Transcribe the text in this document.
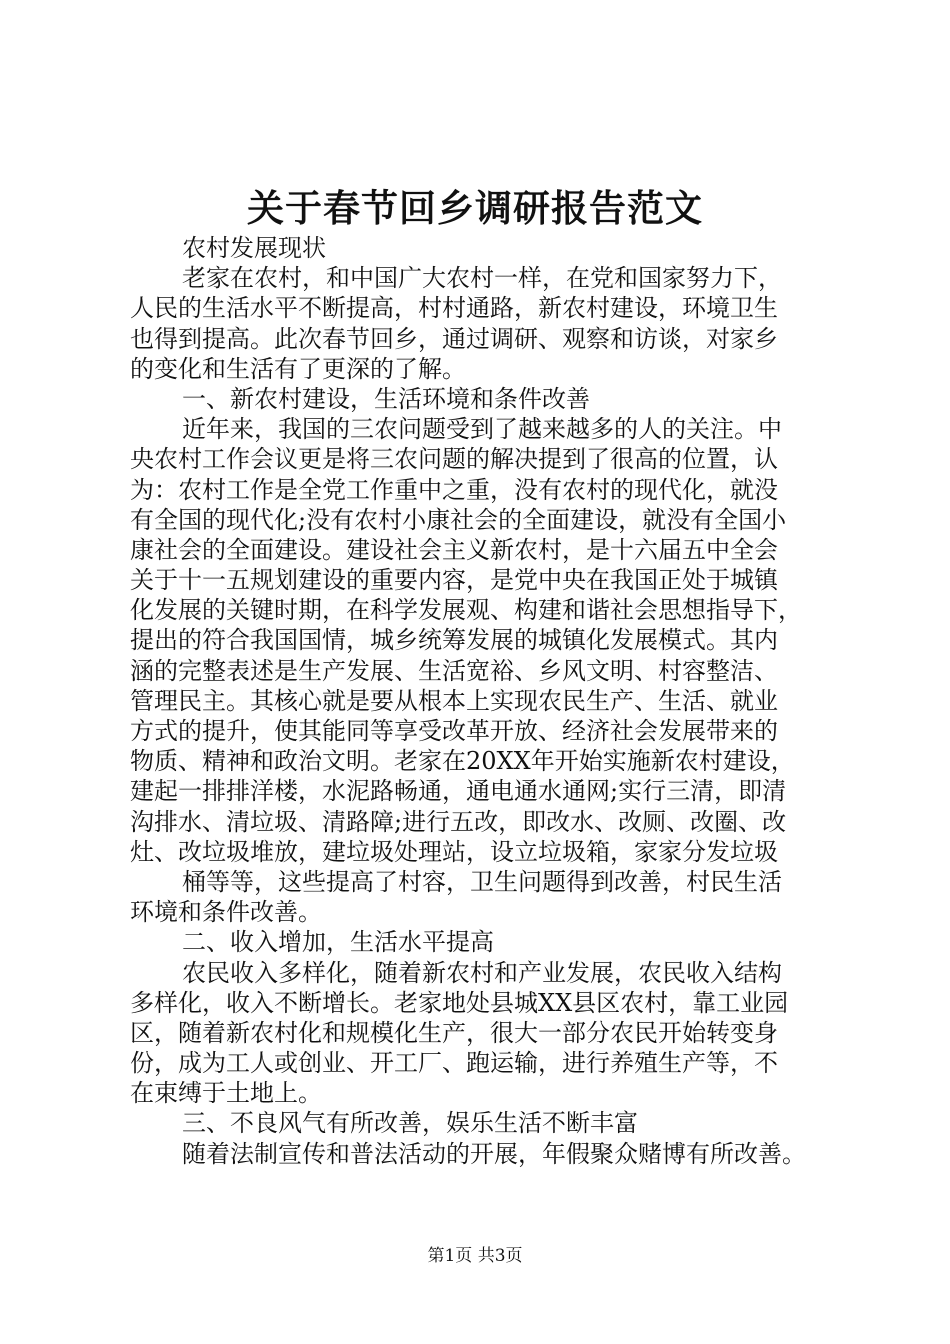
关于春节回乡调研报告范文
农村发展现状
老家在农村，和中国广大农村一样，在党和国家努力下，
人民的生活水平不断提高，村村通路，新农村建设，环境卫生
也得到提高。此次春节回乡，通过调研、观察和访谈，对家乡
的变化和生活有了更深的了解。
一、新农村建设，生活环境和条件改善
近年来，我国的三农问题受到了越来越多的人的关注。中
央农村工作会议更是将三农问题的解决提到了很高的位置，认
为：农村工作是全党工作重中之重，没有农村的现代化，就没
有全国的现代化;没有农村小康社会的全面建设，就没有全国小
康社会的全面建设。建设社会主义新农村，是十六届五中全会
关于十一五规划建设的重要内容，是党中央在我国正处于城镇
化发展的关键时期，在科学发展观、构建和谐社会思想指导下，
提出的符合我国国情，城乡统筹发展的城镇化发展模式。其内
涵的完整表述是生产发展、生活宽裕、乡风文明、村容整洁、
管理民主。其核心就是要从根本上实现农民生产、生活、就业
方式的提升，使其能同等享受改革开放、经济社会发展带来的
物质、精神和政治文明。老家在20XX年开始实施新农村建设，
建起一排排洋楼，水泥路畅通，通电通水通网;实行三清，即清
沟排水、清垃圾、清路障;进行五改，即改水、改厕、改圈、改
灶、改垃圾堆放，建垃圾处理站，设立垃圾箱，家家分发垃圾
桶等等，这些提高了村容，卫生问题得到改善，村民生活
环境和条件改善。
二、收入增加，生活水平提高
农民收入多样化，随着新农村和产业发展，农民收入结构
多样化，收入不断增长。老家地处县城XX县区农村，靠工业园
区，随着新农村化和规模化生产，很大一部分农民开始转变身
份，成为工人或创业、开工厂、跑运输，进行养殖生产等，不
在束缚于土地上。
三、不良风气有所改善，娱乐生活不断丰富
随着法制宣传和普法活动的开展，年假聚众赌博有所改善。
第1页 共3页
